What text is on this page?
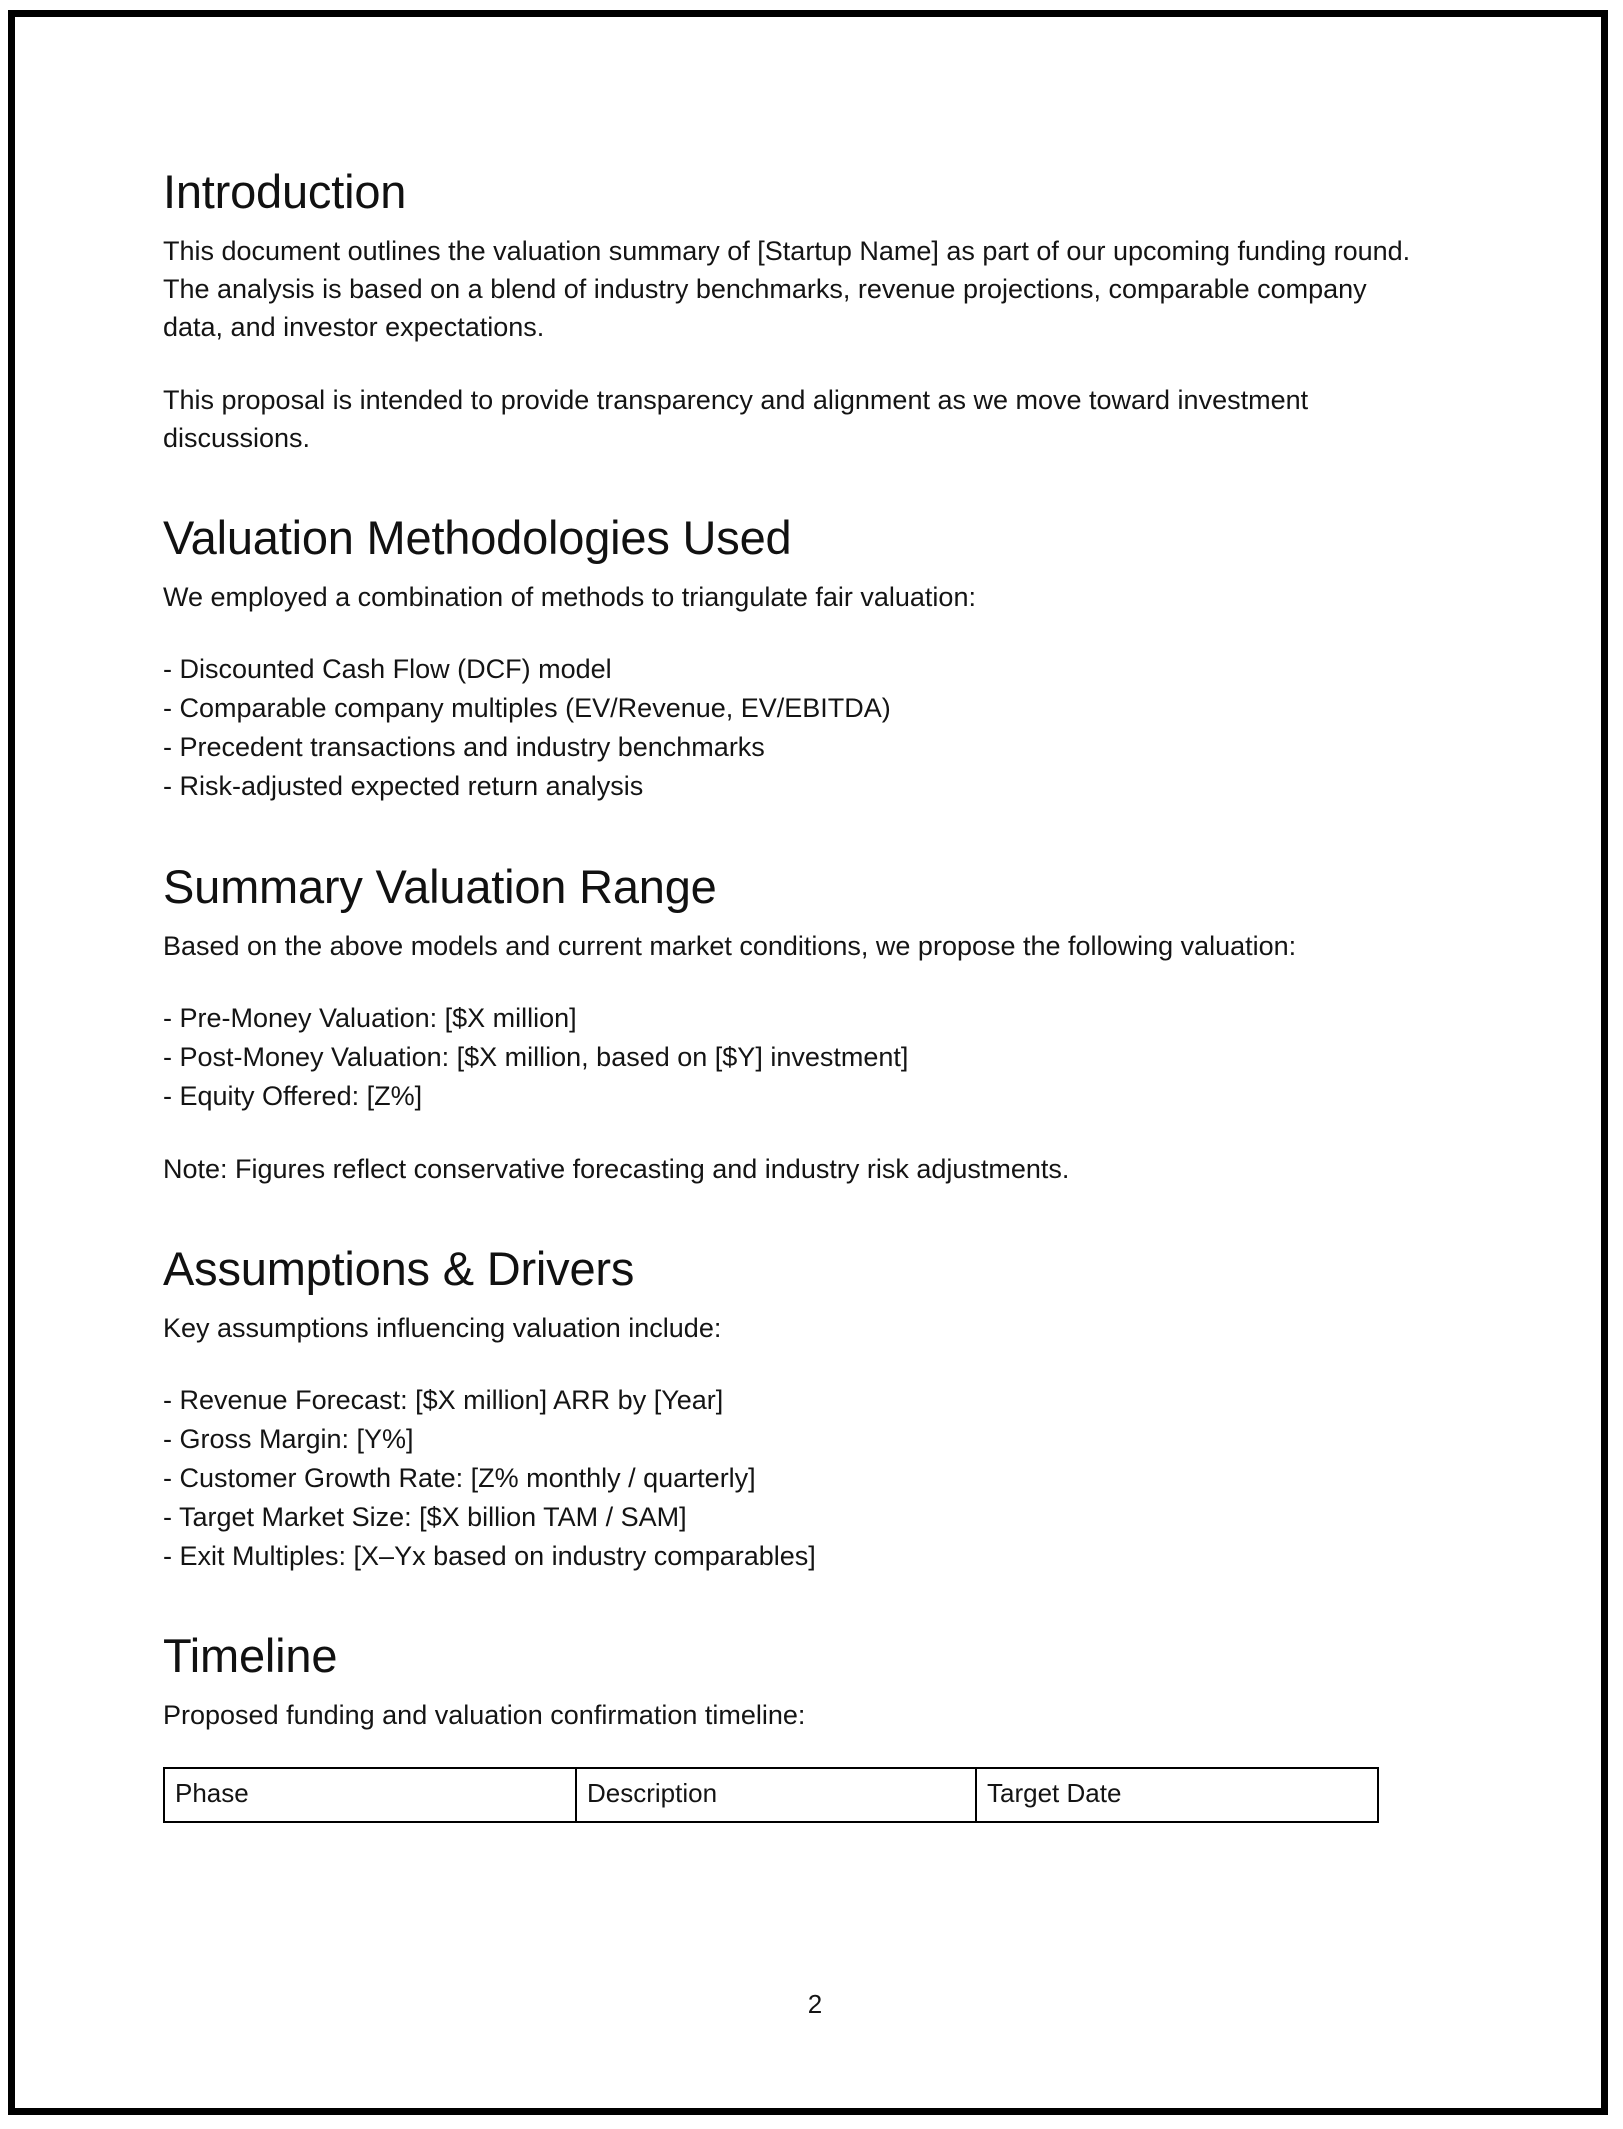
Introduction

This document outlines the valuation summary of [Startup Name] as part of our upcoming funding round. The analysis is based on a blend of industry benchmarks, revenue projections, comparable company data, and investor expectations.

This proposal is intended to provide transparency and alignment as we move toward investment discussions.

Valuation Methodologies Used

We employed a combination of methods to triangulate fair valuation:

- Discounted Cash Flow (DCF) model
- Comparable company multiples (EV/Revenue, EV/EBITDA)
- Precedent transactions and industry benchmarks
- Risk-adjusted expected return analysis
Summary Valuation Range

Based on the above models and current market conditions, we propose the following valuation:

- Pre-Money Valuation: [$X million]
- Post-Money Valuation: [$X million, based on [$Y] investment]
- Equity Offered: [Z%]

Note: Figures reflect conservative forecasting and industry risk adjustments.

Assumptions & Drivers

Key assumptions influencing valuation include:

- Revenue Forecast: [$X million] ARR by [Year]
- Gross Margin: [Y%]
- Customer Growth Rate: [Z% monthly / quarterly]
- Target Market Size: [$X billion TAM / SAM]
- Exit Multiples: [X–Yx based on industry comparables]
Timeline

Proposed funding and valuation confirmation timeline:

Phase	Description	Target Date
2
